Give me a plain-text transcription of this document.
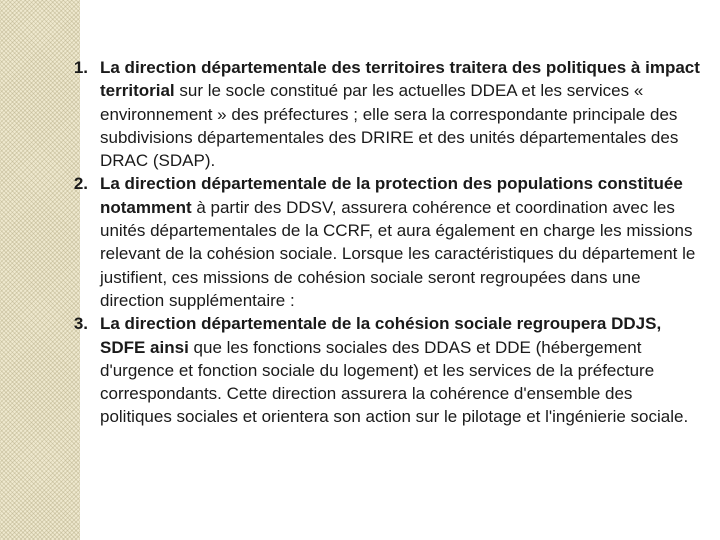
1. La direction départementale des territoires traitera des politiques à impact territorial sur le socle constitué par les actuelles DDEA et les services « environnement » des préfectures ; elle sera la correspondante principale des subdivisions départementales des DRIRE et des unités départementales des DRAC (SDAP).
2. La direction départementale de la protection des populations constituée notamment à partir des DDSV, assurera cohérence et coordination avec les unités départementales de la CCRF, et aura également en charge les missions relevant de la cohésion sociale. Lorsque les caractéristiques du département le justifient, ces missions de cohésion sociale seront regroupées dans une direction supplémentaire :
3. La direction départementale de la cohésion sociale regroupera DDJS, SDFE ainsi que les fonctions sociales des DDAS et DDE (hébergement d'urgence et fonction sociale du logement) et les services de la préfecture correspondants. Cette direction assurera la cohérence d'ensemble des politiques sociales et orientera son action sur le pilotage et l'ingénierie sociale.
